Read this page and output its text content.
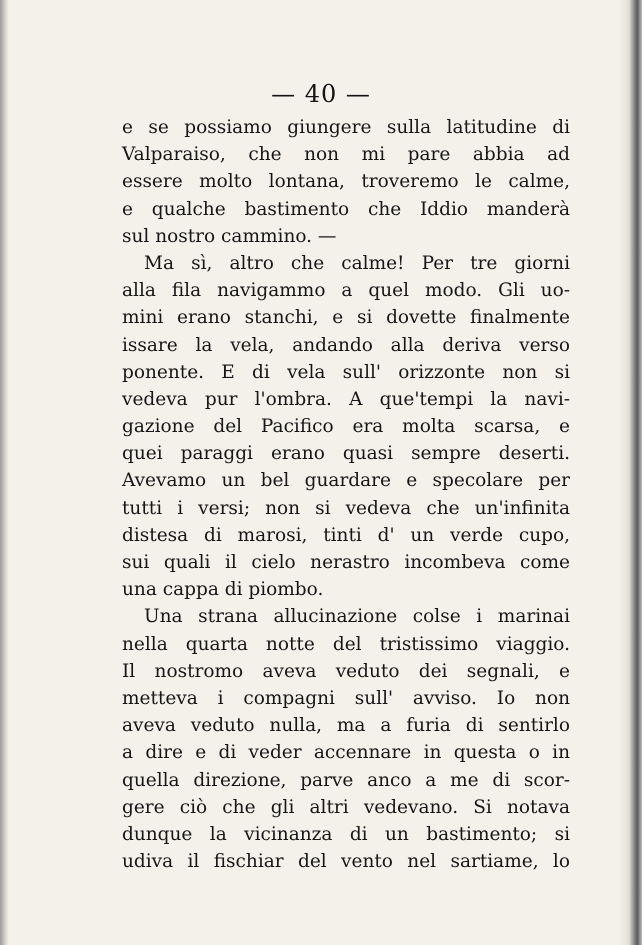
— 40 —
e se possiamo giungere sulla latitudine di
Valparaiso, che non mi pare abbia ad
essere molto lontana, troveremo le calme,
e qualche bastimento che Iddio manderà
sul nostro cammino. —
Ma sì, altro che calme! Per tre giorni
alla fila navigammo a quel modo. Gli uo-
mini erano stanchi, e si dovette finalmente
issare la vela, andando alla deriva verso
ponente. E di vela sull' orizzonte non si
vedeva pur l'ombra. A que'tempi la navi-
gazione del Pacifico era molta scarsa, e
quei paraggi erano quasi sempre deserti.
Avevamo un bel guardare e specolare per
tutti i versi; non si vedeva che un'infinita
distesa di marosi, tinti d' un verde cupo,
sui quali il cielo nerastro incombeva come
una cappa di piombo.
Una strana allucinazione colse i marinai
nella quarta notte del tristissimo viaggio.
Il nostromo aveva veduto dei segnali, e
metteva i compagni sull' avviso. Io non
aveva veduto nulla, ma a furia di sentirlo
a dire e di veder accennare in questa o in
quella direzione, parve anco a me di scor-
gere ciò che gli altri vedevano. Si notava
dunque la vicinanza di un bastimento; si
udiva il fischiar del vento nel sartiame, lo
